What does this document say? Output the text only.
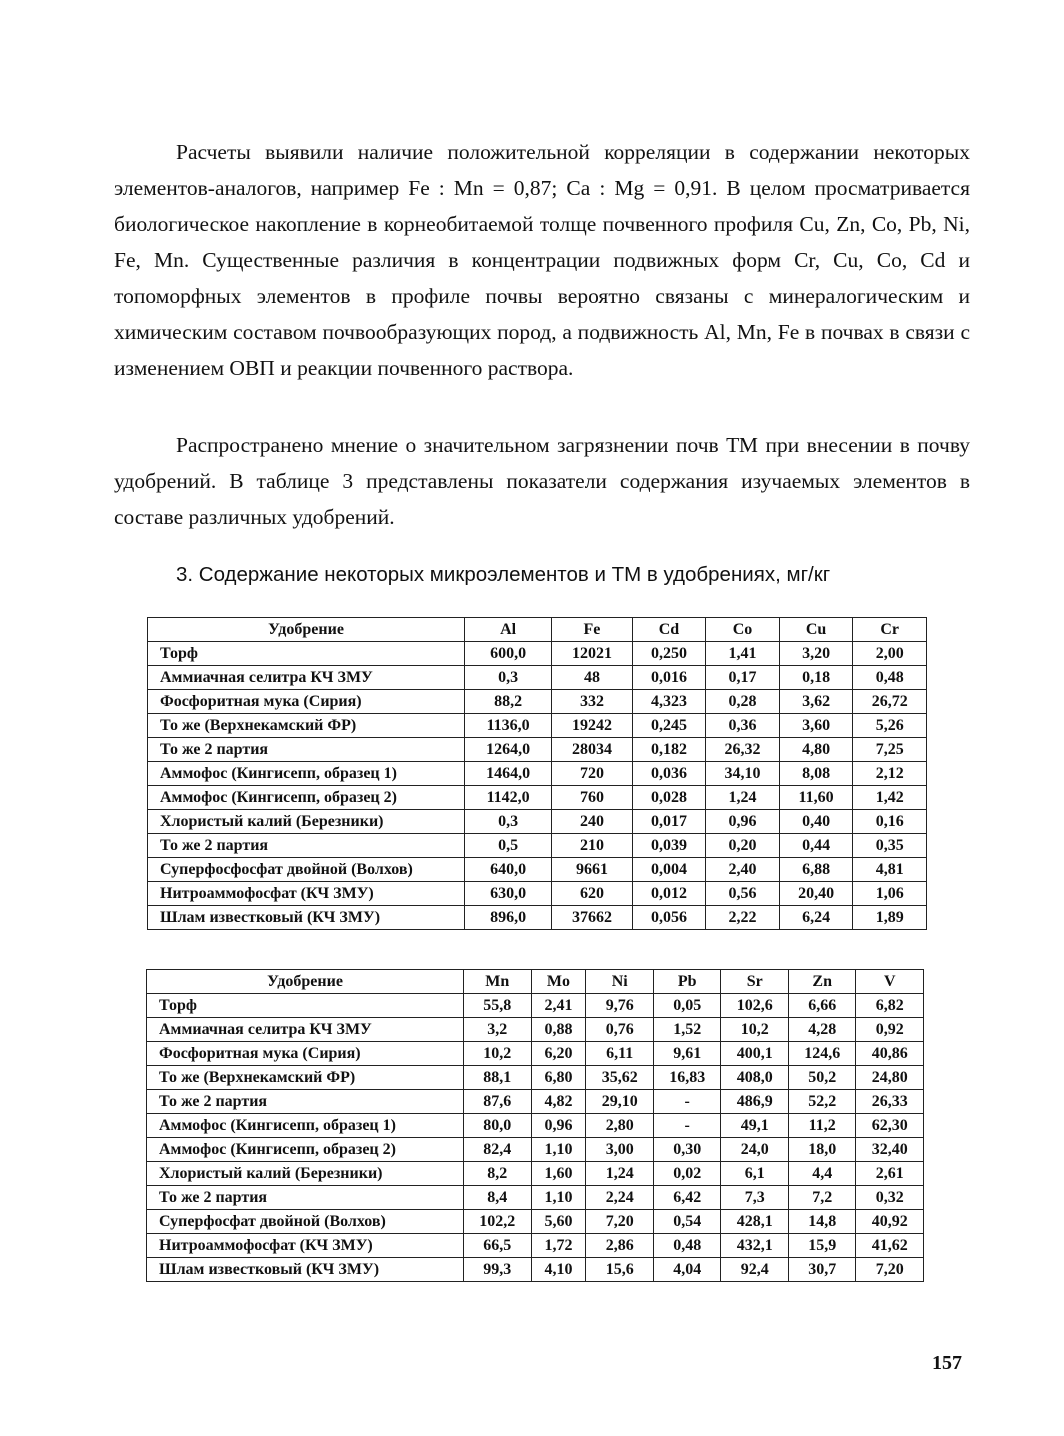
Расчеты выявили наличие положительной корреляции в содержании некоторых элементов-аналогов, например Fe : Mn = 0,87; Ca : Mg = 0,91. В целом просматривается биологическое накопление в корнеобитаемой толще почвенного профиля Cu, Zn, Co, Pb, Ni, Fe, Mn. Существенные различия в концентрации подвижных форм Cr, Cu, Co, Cd и топоморфных элементов в профиле почвы вероятно связаны с минералогическим и химическим составом почвообразующих пород, а подвижность Al, Mn, Fe в почвах в связи с изменением ОВП и реакции почвенного раствора.

Распространено мнение о значительном загрязнении почв ТМ при внесении в почву удобрений. В таблице 3 представлены показатели содержания изучаемых элементов в составе различных удобрений.

3. Содержание некоторых микроэлементов и ТМ в удобрениях, мг/кг

Удобрение	Al	Fe	Cd	Co	Cu	Cr
Торф	600,0	12021	0,250	1,41	3,20	2,00
Аммиачная селитра КЧ ЗМУ	0,3	48	0,016	0,17	0,18	0,48
Фосфоритная мука (Сирия)	88,2	332	4,323	0,28	3,62	26,72
То же (Верхнекамский ФР)	1136,0	19242	0,245	0,36	3,60	5,26
То же 2 партия	1264,0	28034	0,182	26,32	4,80	7,25
Аммофос (Кингисепп, образец 1)	1464,0	720	0,036	34,10	8,08	2,12
Аммофос (Кингисепп, образец 2)	1142,0	760	0,028	1,24	11,60	1,42
Хлористый калий (Березники)	0,3	240	0,017	0,96	0,40	0,16
То же 2 партия	0,5	210	0,039	0,20	0,44	0,35
Суперфосфосфат двойной (Волхов)	640,0	9661	0,004	2,40	6,88	4,81
Нитроаммофосфат (КЧ ЗМУ)	630,0	620	0,012	0,56	20,40	1,06
Шлам известковый (КЧ ЗМУ)	896,0	37662	0,056	2,22	6,24	1,89
Удобрение	Mn	Mo	Ni	Pb	Sr	Zn	V
Торф	55,8	2,41	9,76	0,05	102,6	6,66	6,82
Аммиачная селитра КЧ ЗМУ	3,2	0,88	0,76	1,52	10,2	4,28	0,92
Фосфоритная мука (Сирия)	10,2	6,20	6,11	9,61	400,1	124,6	40,86
То же (Верхнекамский ФР)	88,1	6,80	35,62	16,83	408,0	50,2	24,80
То же 2 партия	87,6	4,82	29,10	-	486,9	52,2	26,33
Аммофос (Кингисепп, образец 1)	80,0	0,96	2,80	-	49,1	11,2	62,30
Аммофос (Кингисепп, образец 2)	82,4	1,10	3,00	0,30	24,0	18,0	32,40
Хлористый калий (Березники)	8,2	1,60	1,24	0,02	6,1	4,4	2,61
То же 2 партия	8,4	1,10	2,24	6,42	7,3	7,2	0,32
Суперфосфат двойной (Волхов)	102,2	5,60	7,20	0,54	428,1	14,8	40,92
Нитроаммофосфат (КЧ ЗМУ)	66,5	1,72	2,86	0,48	432,1	15,9	41,62
Шлам известковый (КЧ ЗМУ)	99,3	4,10	15,6	4,04	92,4	30,7	7,20

157
